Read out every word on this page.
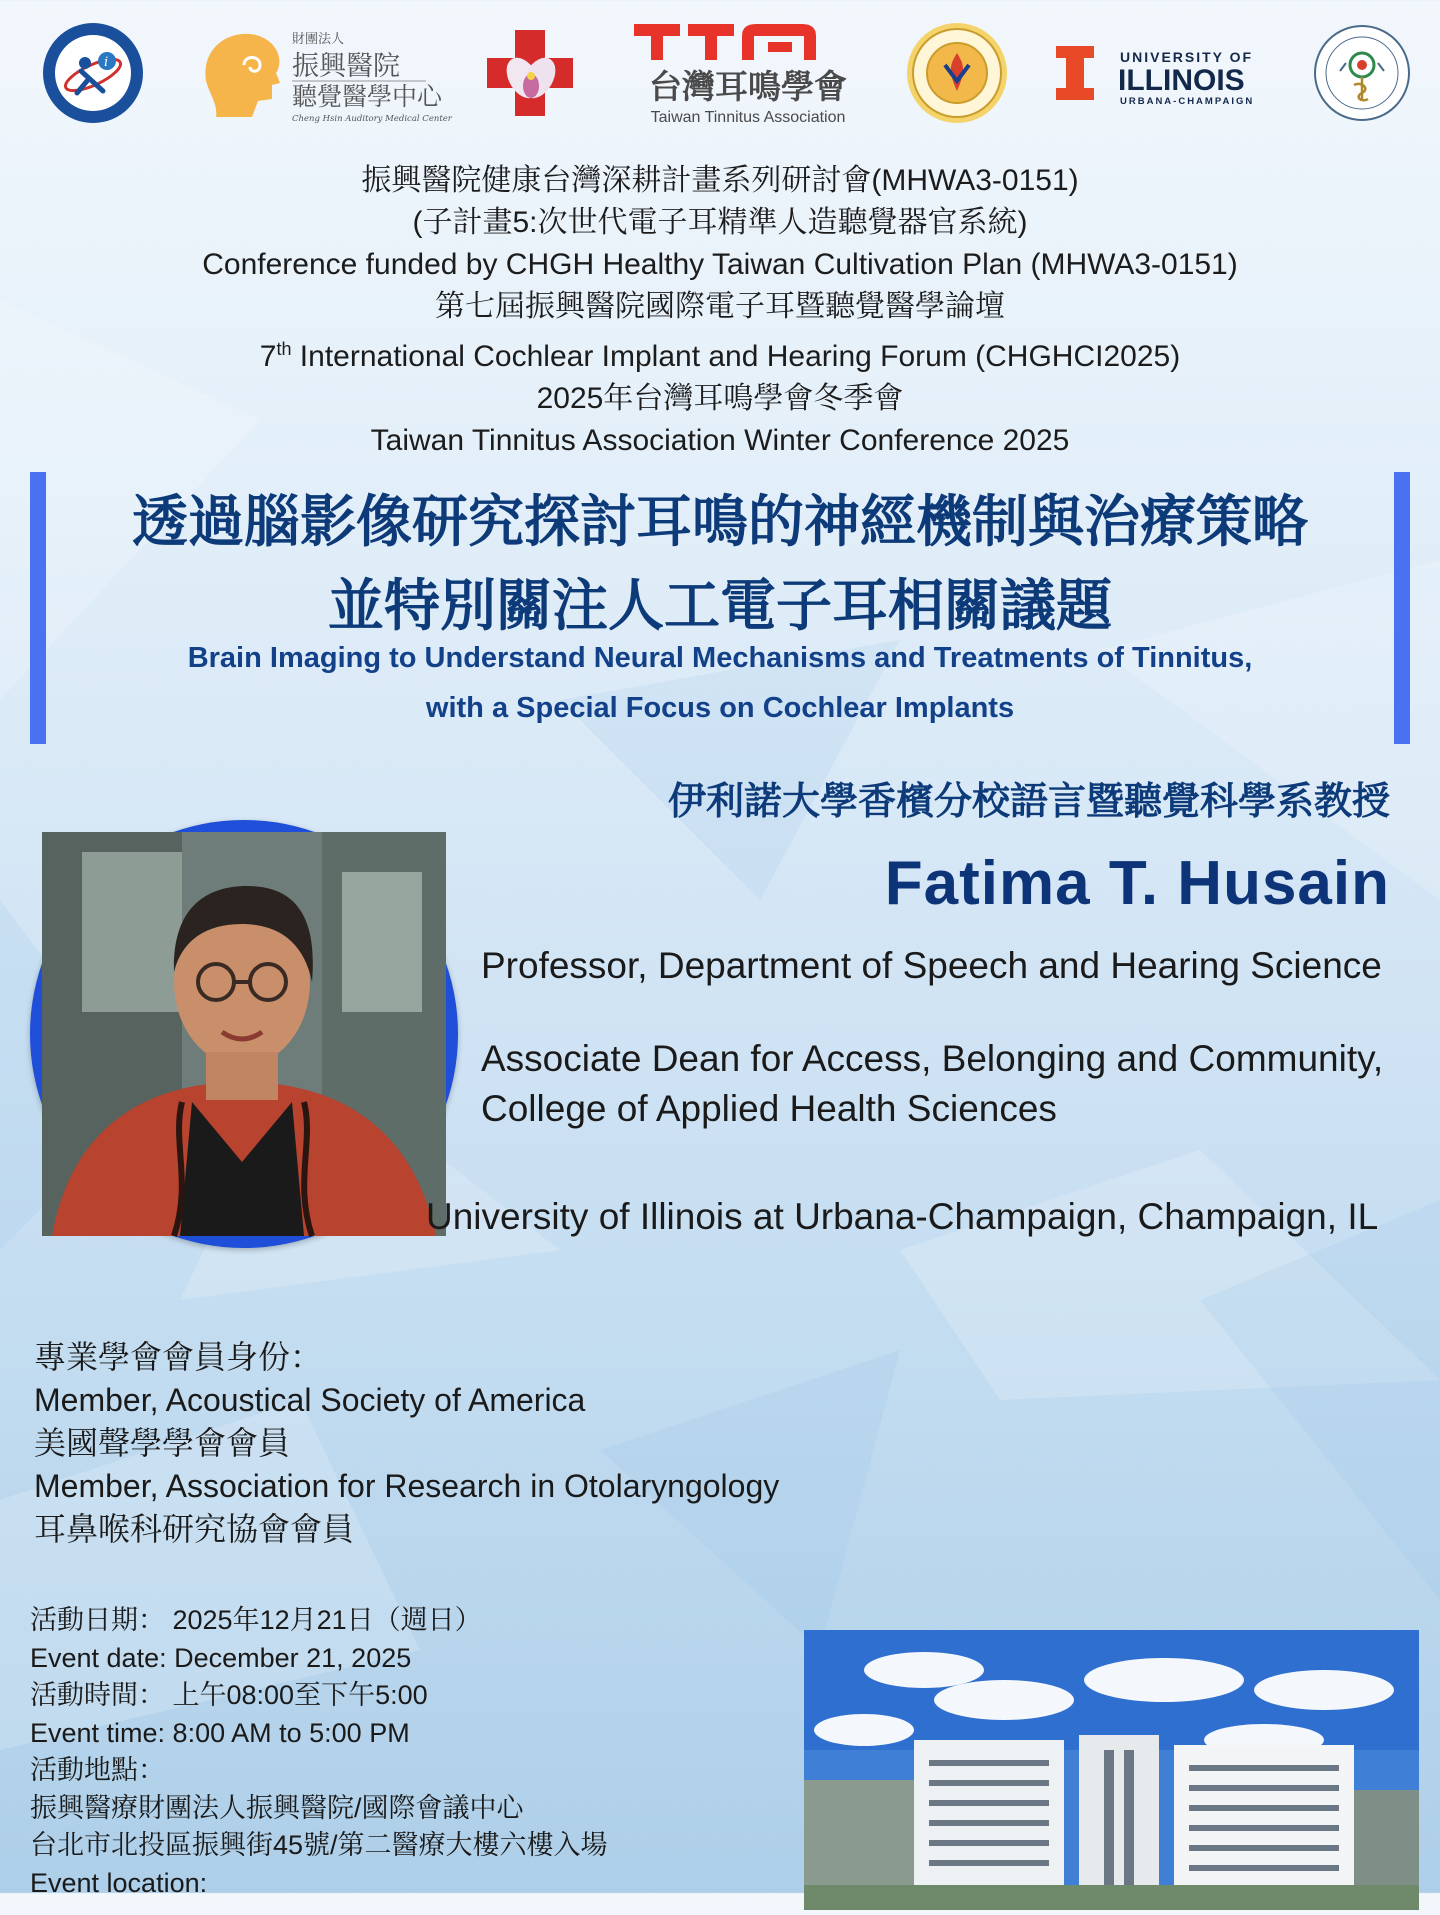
i
財團法人
振興醫院
聽覺醫學中心
Cheng Hsin Auditory Medical Center
台灣耳鳴學會
Taiwan Tinnitus Association
UNIVERSITY OF
ILLINOIS
URBANA-CHAMPAIGN
振興醫院健康台灣深耕計畫系列研討會(MHWA3-0151)
(子計畫5:次世代電子耳精準人造聽覺器官系統)
Conference funded by CHGH Healthy Taiwan Cultivation Plan (MHWA3-0151)
第七屆振興醫院國際電子耳暨聽覺醫學論壇
7th International Cochlear Implant and Hearing Forum (CHGHCI2025)
2025年台灣耳鳴學會冬季會
Taiwan Tinnitus Association Winter Conference 2025
透過腦影像研究探討耳鳴的神經機制與治療策略
並特別關注人工電子耳相關議題
Brain Imaging to Understand Neural Mechanisms and Treatments of Tinnitus,
with a Special Focus on Cochlear Implants
伊利諾大學香檳分校語言暨聽覺科學系教授
Fatima T. Husain
Professor, Department of Speech and Hearing Science
Associate Dean for Access, Belonging and Community,
College of Applied Health Sciences
University of Illinois at Urbana-Champaign, Champaign, IL
專業學會會員身份：
Member, Acoustical Society of America
美國聲學學會會員
Member, Association for Research in Otolaryngology
耳鼻喉科研究協會會員
活動日期： 2025年12月21日（週日）
Event date: December 21, 2025
活動時間： 上午08:00至下午5:00
Event time: 8:00 AM to 5:00 PM
活動地點：
振興醫療財團法人振興醫院/國際會議中心
台北市北投區振興街45號/第二醫療大樓六樓入場
Event location:
